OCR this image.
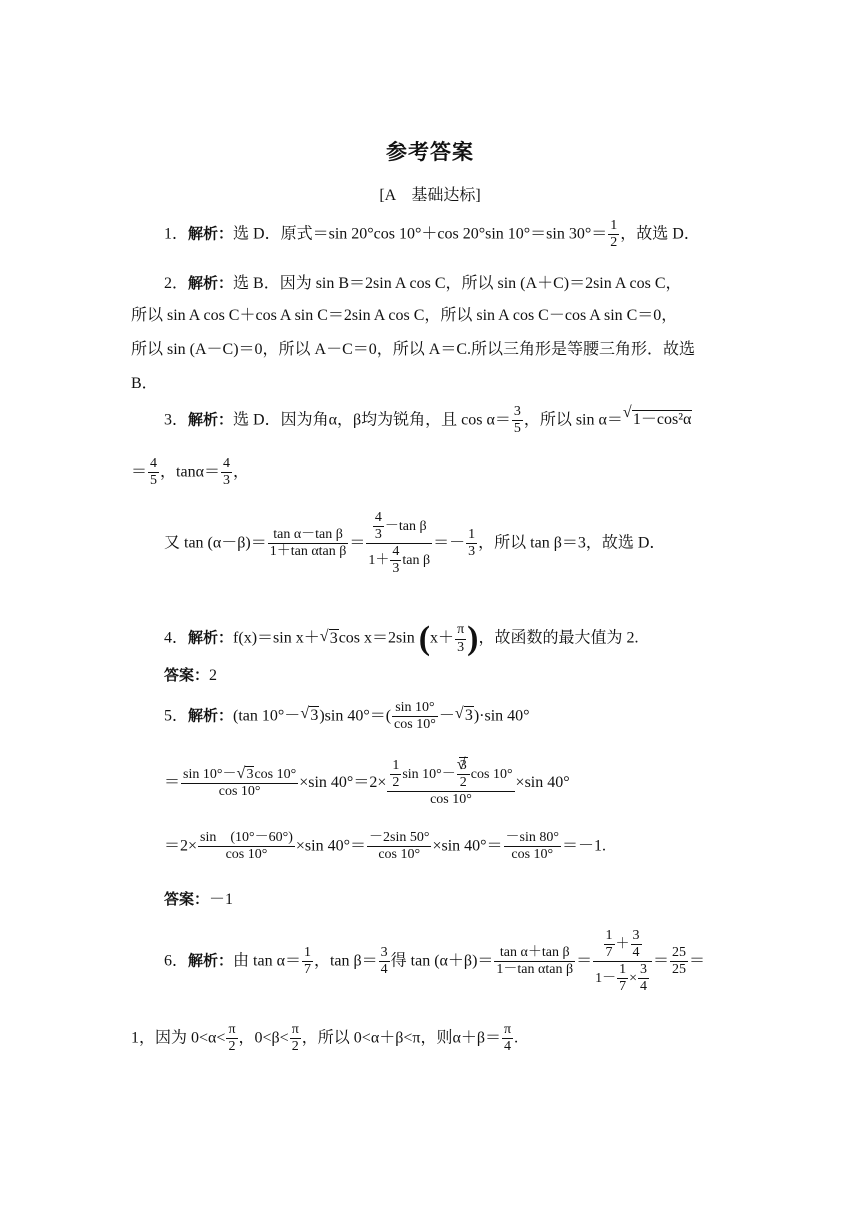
参考答案
[A　基础达标]
1．解析：选 D．原式＝sin 20°cos 10°＋cos 20°sin 10°＝sin $30^\circ= \frac{1}{2}$ ，故选 D．
2．解析：选 B．因为 sin B＝2sin A cos C，所以 sin (A＋C)＝2sin A cos C，
所以 sin A cos C＋cos A sin C＝2sin A cos C，所以 sin A cos C－cos A sin C＝0，
所以 sin (A－C)＝0，所以 A－C＝0，所以 A＝C.所以三角形是等腰三角形．故选
B．
3．解析：选 D．因为角α，β均为锐角，且 $\cos \alpha= \frac{3}{5}$ ，所以 sin α＝√ 1－cos²α
＝ $\frac{4}{5}$ ，$\tan\alpha= \frac{4}{3}$ ，
又 $\tan (\alpha-\beta)= \frac{\text{tan α－tan β}}{\text{1＋tan αtan β}} = \frac{\frac{4}{3} -\tan \beta}{1+ \frac{4}{3} \tan \beta} =- \frac{1}{3}$ ，所以 tan β＝3，故选 D．
4．解析：f(x)＝sin x＋√ 3cos x＝2sin ($x+ \frac{\pi}{3}$ )，故函数的最大值为 2.
答案：2
5．解析：(tan 10°－√ 3)sin $40^\circ=( \frac{\sin 10^\circ}{\cos 10^\circ}$ －√ 3)·sin 40°
＝ $\frac{\sin 10^\circ-√ 3\cos 10^\circ}{\cos 10^\circ} \times\sin$ $40^\circ=2\times \frac{1}{2}$ sin 10°－
√ $\frac{3}{2}$ cos 10°
cos 10° ×sin 40°
$=2\times \frac{\sin (10^\circ-60^\circ)}{\cos 10^\circ} \times\sin$ $40^\circ= \frac{-2\sin 50^\circ}{\cos 10^\circ} \times\sin$ $40^\circ= \frac{-\sin 80^\circ}{\cos 10^\circ} =-1$.
答案：－1
6．解析：由 $\tan \alpha= \frac{1}{7}$ ，$\tan \beta= \frac{3}{4}$ 得 $\tan (\alpha+\beta)= \frac{\text{tan α＋tan β}}{\text{1－tan αtan β}} = \frac{\frac{1}{7} + \frac{3}{4}}{1- \frac{1}{7} \times \frac{3}{4}} = \frac{25}{25}$ ＝
1，因为 $0<\alpha< \frac{\pi}{2}$ ，$0<\beta< \frac{\pi}{2}$ ，所以 0<α＋β<π，则$\alpha+\beta= \frac{\pi}{4}$ .
